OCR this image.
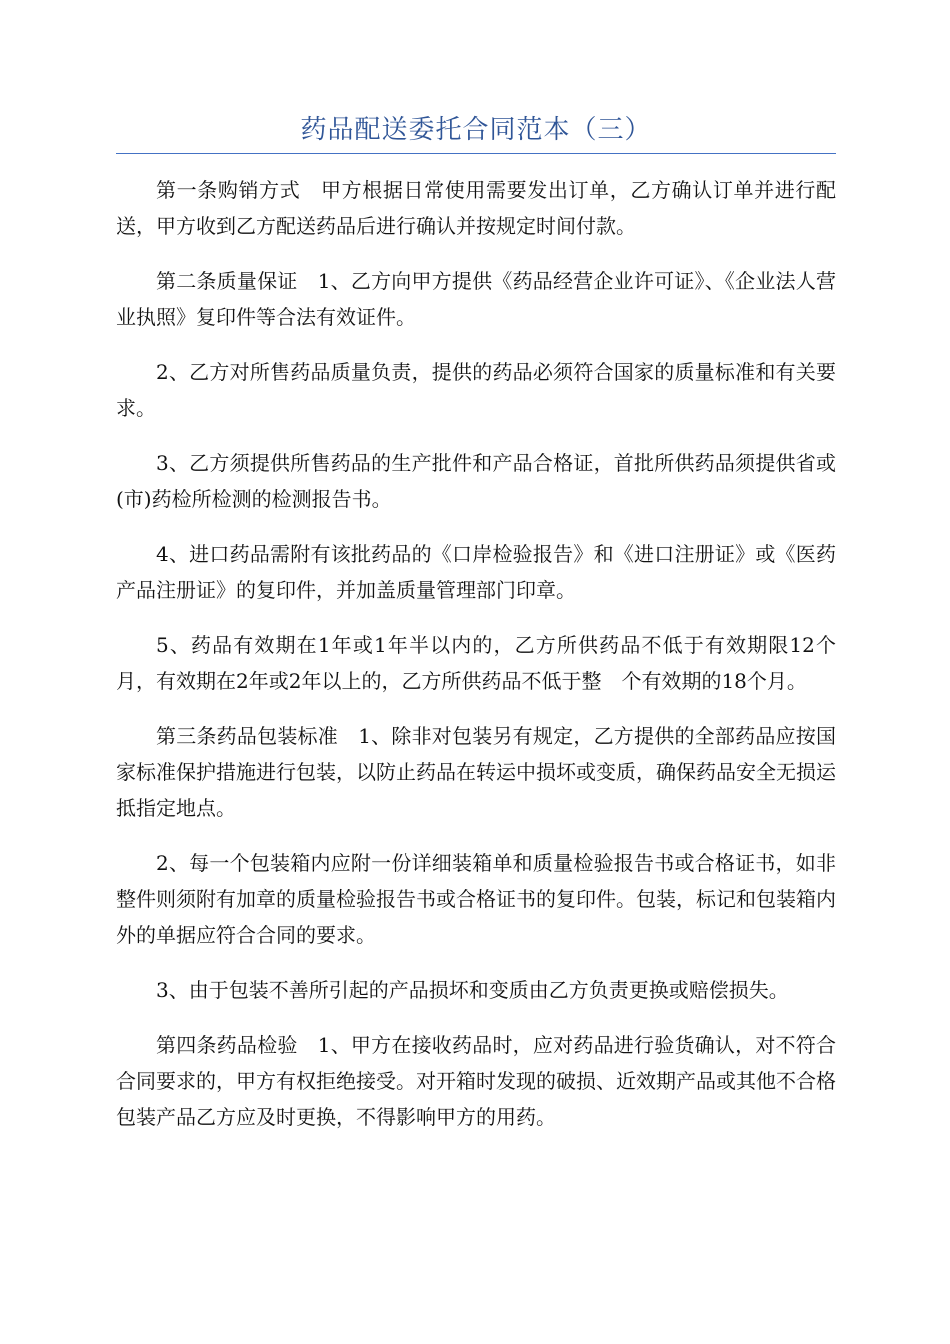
药品配送委托合同范本（三）

第一条购销方式　甲方根据日常使用需要发出订单，乙方确认订单并进行配送，甲方收到乙方配送药品后进行确认并按规定时间付款。

第二条质量保证　1、乙方向甲方提供《药品经营企业许可证》、《企业法人营业执照》复印件等合法有效证件。

2、乙方对所售药品质量负责，提供的药品必须符合国家的质量标准和有关要求。

3、乙方须提供所售药品的生产批件和产品合格证，首批所供药品须提供省或(市)药检所检测的检测报告书。

4、进口药品需附有该批药品的《口岸检验报告》和《进口注册证》或《医药产品注册证》的复印件，并加盖质量管理部门印章。

5、药品有效期在1年或1年半以内的，乙方所供药品不低于有效期限12个月，有效期在2年或2年以上的，乙方所供药品不低于整　个有效期的18个月。

第三条药品包装标准　1、除非对包装另有规定，乙方提供的全部药品应按国家标准保护措施进行包装，以防止药品在转运中损坏或变质，确保药品安全无损运抵指定地点。

2、每一个包装箱内应附一份详细装箱单和质量检验报告书或合格证书，如非整件则须附有加章的质量检验报告书或合格证书的复印件。包装，标记和包装箱内外的单据应符合合同的要求。

3、由于包装不善所引起的产品损坏和变质由乙方负责更换或赔偿损失。

第四条药品检验　1、甲方在接收药品时，应对药品进行验货确认，对不符合合同要求的，甲方有权拒绝接受。对开箱时发现的破损、近效期产品或其他不合格包装产品乙方应及时更换，不得影响甲方的用药。
